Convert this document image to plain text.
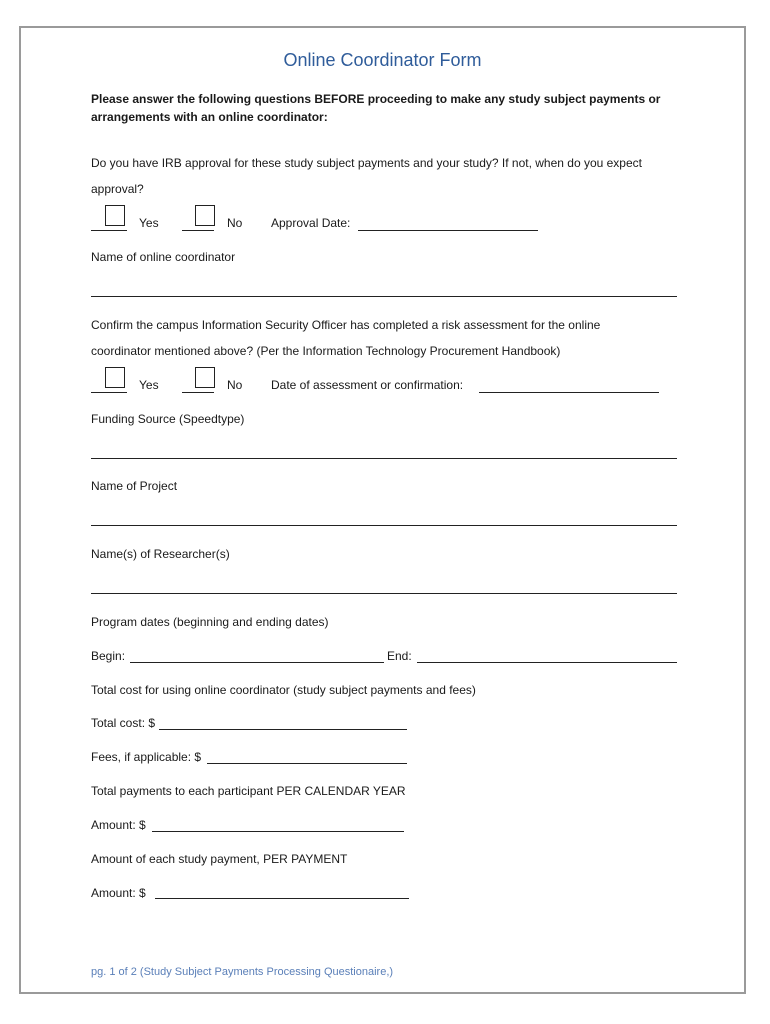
Online Coordinator Form
Please answer the following questions BEFORE proceeding to make any study subject payments or arrangements with an online coordinator:
Do you have IRB approval for these study subject payments and your study? If not, when do you expect
approval?
Yes	No Approval Date:
Name of online coordinator
Confirm the campus Information Security Officer has completed a risk assessment for the online
coordinator mentioned above? (Per the Information Technology Procurement Handbook)
Yes	No Date of assessment or confirmation:
Funding Source (Speedtype)
Name of Project
Name(s) of Researcher(s)
Program dates (beginning and ending dates)
Begin:	End:
Total cost for using online coordinator (study subject payments and fees)
Total cost: $
Fees, if applicable: $
Total payments to each participant PER CALENDAR YEAR
Amount: $
Amount of each study payment, PER PAYMENT
Amount: $
pg. 1 of 2 (Study Subject Payments Processing Questionaire,)
